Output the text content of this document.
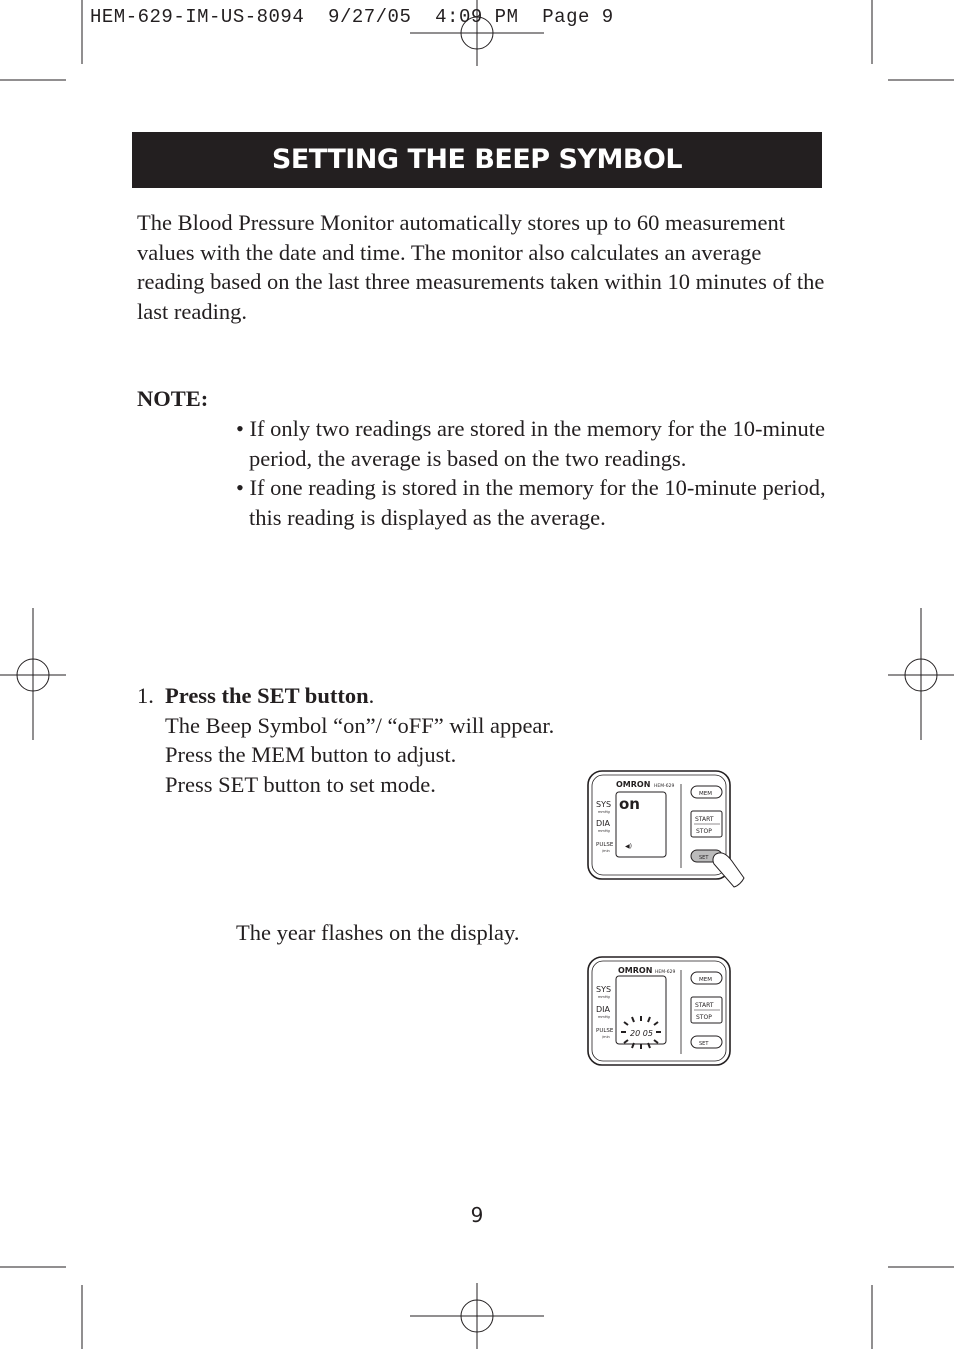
HEM-629-IM-US-8094  9/27/05  4:09 PM  Page 9
SETTING THE BEEP SYMBOL

The Blood Pressure Monitor automatically stores up to 60 measurement values with the date and time. The monitor also calculates an average reading based on the last three measurements taken within 10 minutes of the last reading.

NOTE:
• If only two readings are stored in the memory for the 10-minute period, the average is based on the two readings.
• If one reading is stored in the memory for the 10-minute period, this reading is displayed as the average.
1. Press the SET button.
The Beep Symbol “on”/ “oFF” will appear.
Press the MEM button to adjust.
Press SET button to set mode.
The year flashes on the display.
OMRON HEM-629
SYS
mmHg
DIA
mmHg
PULSE
/min
on
◀)
MEM
START
STOP
SET
OMRON HEM-629
SYS
mmHg
DIA
mmHg
PULSE
/min	20 05
MEM
START
STOP
SET
9
